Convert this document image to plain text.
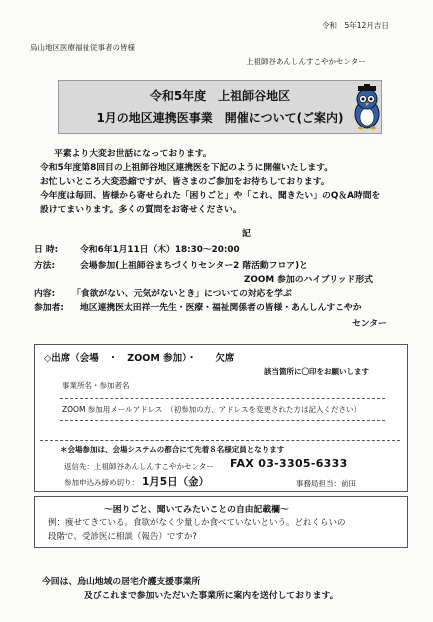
令和　5年12月吉日
烏山地区医療福祉従事者の皆様
上祖師谷あんしんすこやかセンター
令和5年度　上祖師谷地区
1月の地区連携医事業　開催について(ご案内)
平素より大変お世話になっております。
令和5年度第8回目の上祖師谷地区連携医を下記のように開催いたします。
お忙しいところ大変恐縮ですが、皆さまのご参加をお待ちしております。
今年度は毎回、皆様から寄せられた「困りごと」や「これ、聞きたい」のQ＆A時間を
設けてまいります。多くの質問をお寄せください。
記
日 時: 令和6年1月11日（木）18:30～20:00
方法:	会場参加(上祖師谷まちづくりセンター2 階活動フロア)と
ZOOM 参加のハイブリッド形式
内容: 「食欲がない、元気がないとき」についての対応を学ぶ
参加者: 地区連携医太田祥一先生・医療・福祉関係者の皆様・あんしんすこやか
センター
◇出席（会場　・　ZOOM 参加）・　　欠席
該当箇所に〇印をお願いします
事業所名・参加者名
ZOOM 参加用メールアドレス　（初参加の方、アドレスを変更された方は記入ください）
＊会場参加は、会場システムの都合にて先着８名様定員となります
返信先：上祖師谷あんしんすこやかセンター FAX 03-3305-6333
参加申込み締め切り： 1月5日（金）	事務局担当：前田
～困りごと、聞いてみたいことの自由記載欄～
例：痩せてきている。食欲がなく少量しか食べていないという。どれくらいの
段階で、受診医に相談（報告）ですか?
今回は、烏山地域の居宅介護支援事業所
及びこれまで参加いただいた事業所に案内を送付しております。
